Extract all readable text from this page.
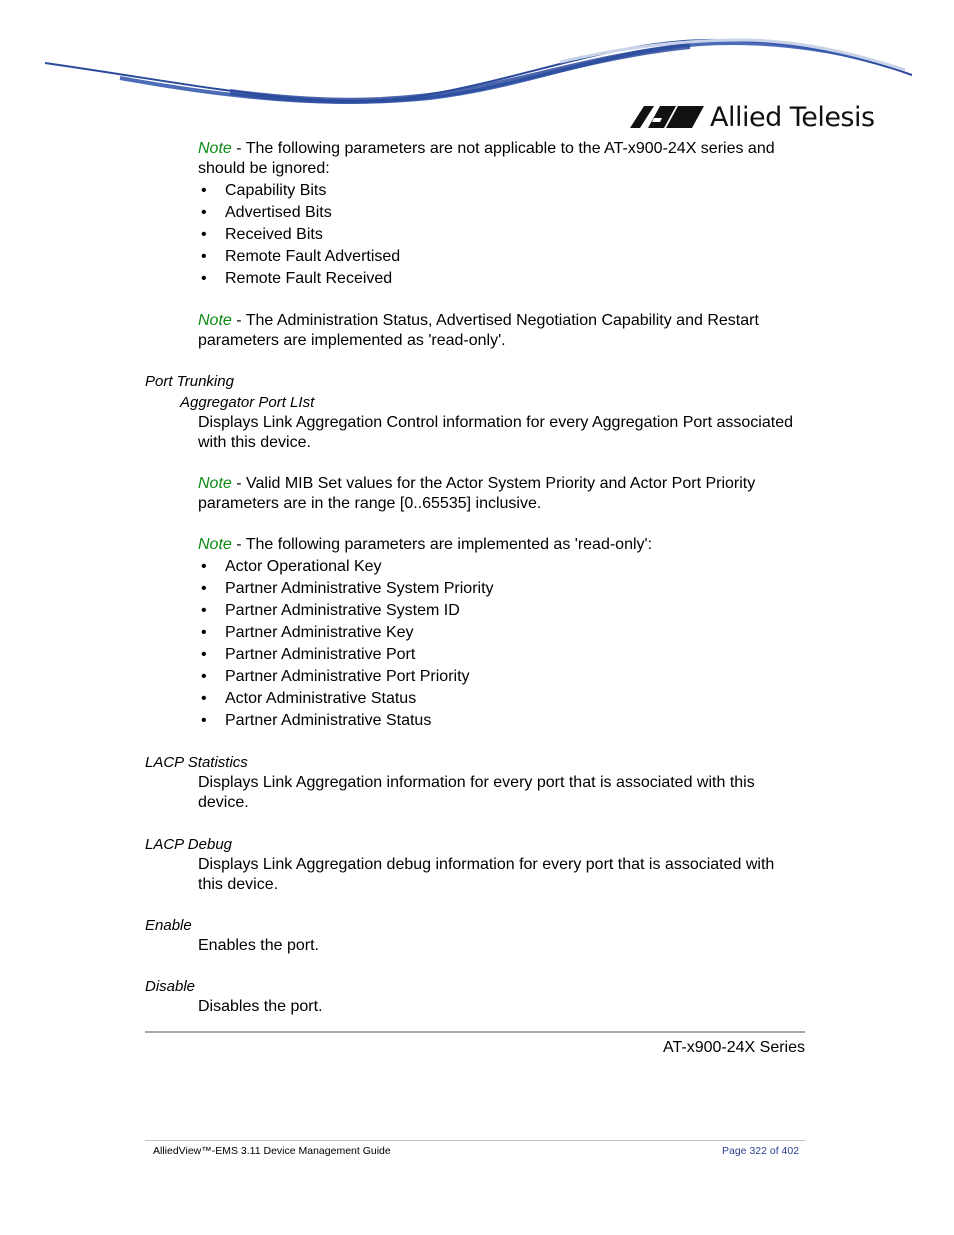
Allied Telesis
Note - The following parameters are not applicable to the AT-x900-24X series and should be ignored:
• Capability Bits
• Advertised Bits
• Received Bits
• Remote Fault Advertised
• Remote Fault Received
Note - The Administration Status, Advertised Negotiation Capability and Restart parameters are implemented as 'read-only'.
Port Trunking
Aggregator Port LIst
Displays Link Aggregation Control information for every Aggregation Port associated with this device.
Note - Valid MIB Set values for the Actor System Priority and Actor Port Priority parameters are in the range [0..65535] inclusive.
Note - The following parameters are implemented as 'read-only':
• Actor Operational Key
• Partner Administrative System Priority
• Partner Administrative System ID
• Partner Administrative Key
• Partner Administrative Port
• Partner Administrative Port Priority
• Actor Administrative Status
• Partner Administrative Status
LACP Statistics
Displays Link Aggregation information for every port that is associated with this device.
LACP Debug
Displays Link Aggregation debug information for every port that is associated with this device.
Enable
Enables the port.
Disable
Disables the port.
AT-x900-24X Series
AlliedView™-EMS 3.11 Device Management Guide	Page 322 of 402
